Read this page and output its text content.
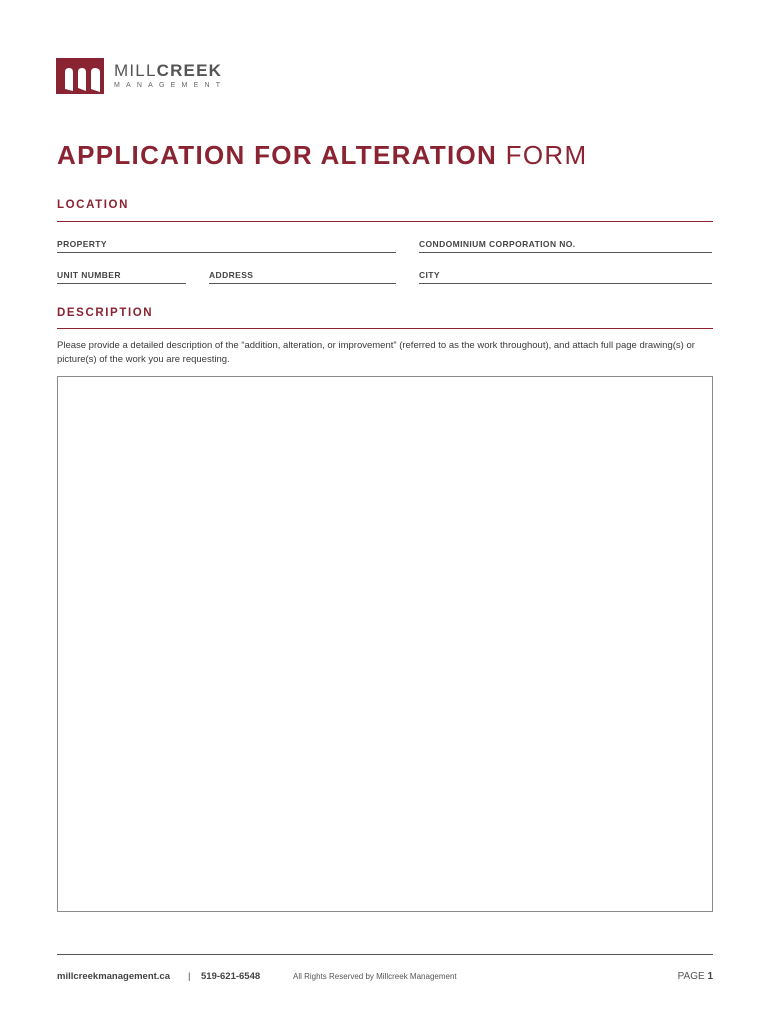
MILLCREEK
MANAGEMENT
APPLICATION FOR ALTERATION FORM
LOCATION
PROPERTY	CONDOMINIUM CORPORATION NO.
UNIT NUMBER	ADDRESS	CITY
DESCRIPTION
Please provide a detailed description of the “addition, alteration, or improvement” (referred to as the work throughout), and attach full page drawing(s) or picture(s) of the work you are requesting.
millcreekmanagement.ca | 519-621-6548	All Rights Reserved by Millcreek Management	PAGE 1
